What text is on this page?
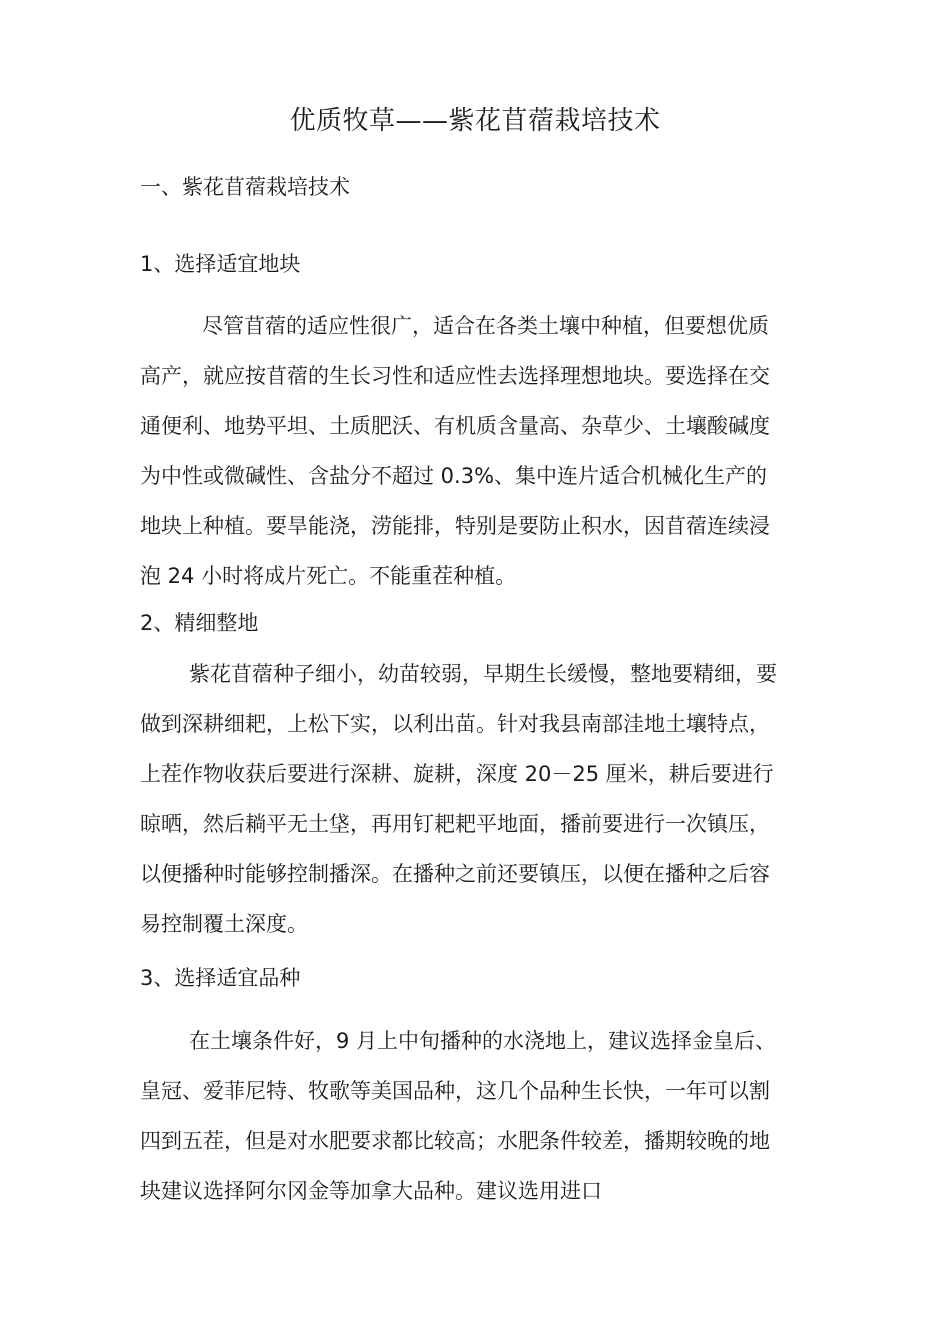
优质牧草——紫花苜蓿栽培技术
一、紫花苜蓿栽培技术
1、选择适宜地块
尽管苜蓿的适应性很广，适合在各类土壤中种植，但要想优质
高产，就应按苜蓿的生长习性和适应性去选择理想地块。要选择在交
通便利、地势平坦、土质肥沃、有机质含量高、杂草少、土壤酸碱度
为中性或微碱性、含盐分不超过 0.3%、集中连片适合机械化生产的
地块上种植。要旱能浇，涝能排，特别是要防止积水，因苜蓿连续浸
泡 24 小时将成片死亡。不能重茬种植。
2、精细整地
紫花苜蓿种子细小，幼苗较弱，早期生长缓慢，整地要精细，要
做到深耕细耙，上松下实，以利出苗。针对我县南部洼地土壤特点，
上茬作物收获后要进行深耕、旋耕，深度 20－25 厘米，耕后要进行
晾晒，然后耥平无土垡，再用钉耙耙平地面，播前要进行一次镇压，
以便播种时能够控制播深。在播种之前还要镇压，以便在播种之后容
易控制覆土深度。
3、选择适宜品种
在土壤条件好，9 月上中旬播种的水浇地上，建议选择金皇后、
皇冠、爱菲尼特、牧歌等美国品种，这几个品种生长快，一年可以割
四到五茬，但是对水肥要求都比较高；水肥条件较差，播期较晚的地
块建议选择阿尔冈金等加拿大品种。建议选用进口
